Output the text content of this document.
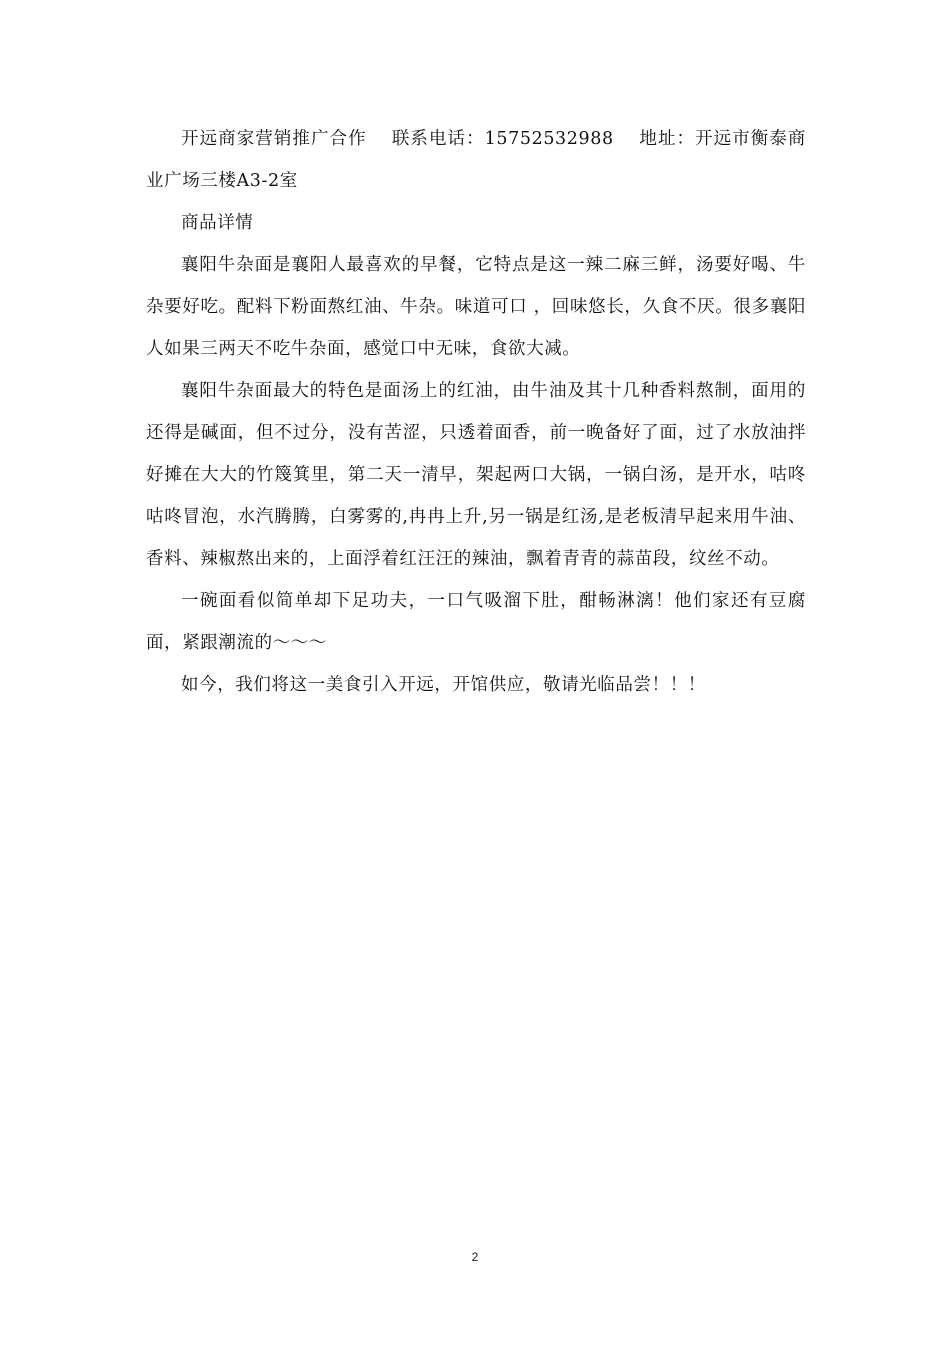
开远商家营销推广合作　 联系电话：15752532988　 地址：开远市衡泰商业广场三楼A3-2室

商品详情

襄阳牛杂面是襄阳人最喜欢的早餐，它特点是这一辣二麻三鲜，汤要好喝、牛杂要好吃。配料下粉面熬红油、牛杂。味道可口 ，回味悠长，久食不厌。很多襄阳人如果三两天不吃牛杂面，感觉口中无味，食欲大减。

襄阳牛杂面最大的特色是面汤上的红油，由牛油及其十几种香料熬制，面用的还得是碱面，但不过分，没有苦涩，只透着面香，前一晚备好了面，过了水放油拌好摊在大大的竹篾箕里，第二天一清早，架起两口大锅，一锅白汤，是开水，咕咚咕咚冒泡，水汽腾腾，白雾雾的,冉冉上升,另一锅是红汤,是老板清早起来用牛油、香料、辣椒熬出来的，上面浮着红汪汪的辣油，飘着青青的蒜苗段，纹丝不动。

一碗面看似简单却下足功夫，一口气吸溜下肚，酣畅淋漓！他们家还有豆腐面，紧跟潮流的～～～

如今，我们将这一美食引入开远，开馆供应，敬请光临品尝！！！

2
